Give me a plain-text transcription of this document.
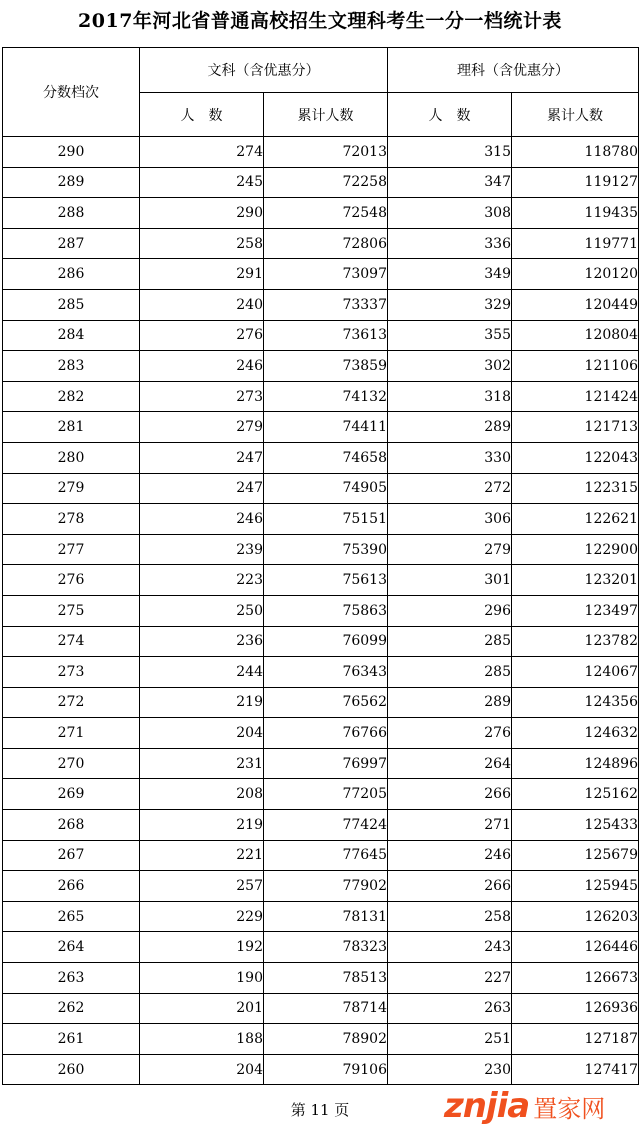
2017年河北省普通高校招生文理科考生一分一档统计表
分数档次	文科（含优惠分）		理科（含优惠分）	
	人　数	累计人数	人　数	累计人数
290	274	72013	315	118780
289	245	72258	347	119127
288	290	72548	308	119435
287	258	72806	336	119771
286	291	73097	349	120120
285	240	73337	329	120449
284	276	73613	355	120804
283	246	73859	302	121106
282	273	74132	318	121424
281	279	74411	289	121713
280	247	74658	330	122043
279	247	74905	272	122315
278	246	75151	306	122621
277	239	75390	279	122900
276	223	75613	301	123201
275	250	75863	296	123497
274	236	76099	285	123782
273	244	76343	285	124067
272	219	76562	289	124356
271	204	76766	276	124632
270	231	76997	264	124896
269	208	77205	266	125162
268	219	77424	271	125433
267	221	77645	246	125679
266	257	77902	266	125945
265	229	78131	258	126203
264	192	78323	243	126446
263	190	78513	227	126673
262	201	78714	263	126936
261	188	78902	251	127187
260	204	79106	230	127417
第 11 页	znjia 置家网
